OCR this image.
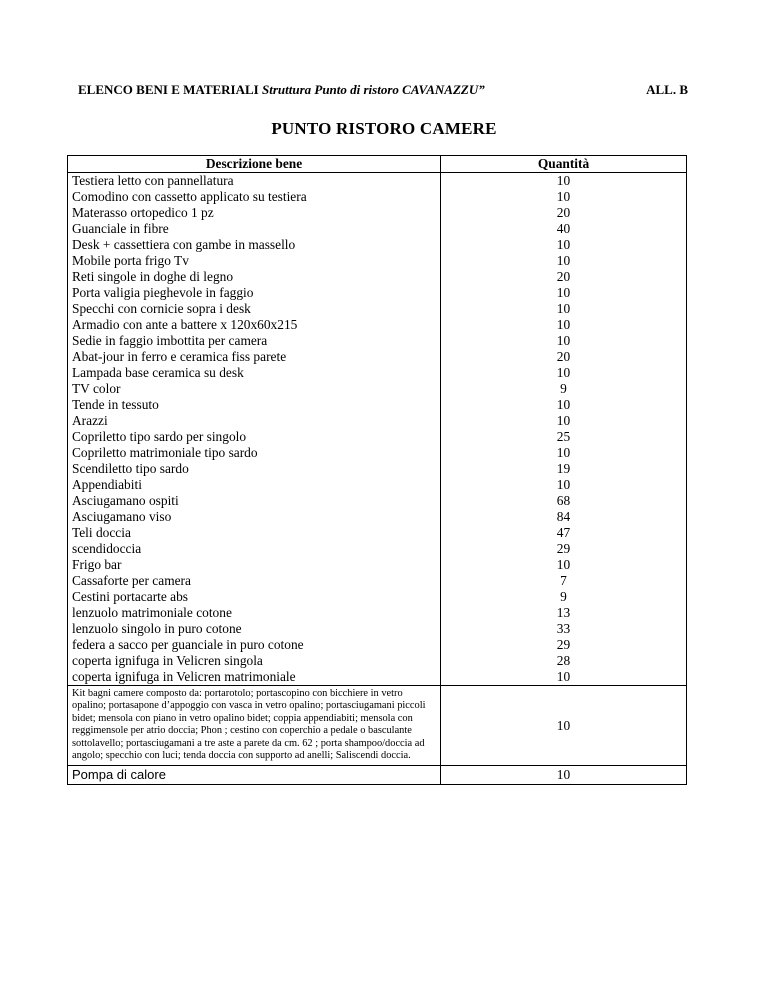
ELENCO BENI E MATERIALI Struttura Punto di ristoro CAVANAZZU”	ALL. B
PUNTO RISTORO CAMERE
Descrizione bene	Quantità
Testiera letto con pannellatura	10
Comodino con cassetto applicato su testiera	10
Materasso ortopedico 1 pz	20
Guanciale in fibre	40
Desk + cassettiera con gambe in massello	10
Mobile porta frigo Tv	10
Reti singole in doghe di legno	20
Porta valigia pieghevole in faggio	10
Specchi con cornicie sopra i desk	10
Armadio con ante a battere x 120x60x215	10
Sedie in faggio imbottita per camera	10
Abat-jour in ferro e ceramica fiss parete	20
Lampada base ceramica su desk	10
TV color	9
Tende in tessuto	10
Arazzi	10
Copriletto tipo sardo per singolo	25
Copriletto matrimoniale tipo sardo	10
Scendiletto tipo sardo	19
Appendiabiti	10
Asciugamano ospiti	68
Asciugamano viso	84
Teli doccia	47
scendidoccia	29
Frigo bar	10
Cassaforte per camera	7
Cestini portacarte abs	9
lenzuolo matrimoniale cotone	13
lenzuolo singolo in puro cotone	33
federa a sacco per guanciale in puro cotone	29
coperta ignifuga in Velicren singola	28
coperta ignifuga in Velicren matrimoniale	10
Kit bagni camere composto da: portarotolo; portascopino con bicchiere in vetro opalino; portasapone d’appoggio con vasca in vetro opalino; portasciugamani piccoli bidet; mensola con piano in vetro opalino bidet; coppia appendiabiti; mensola con reggimensole per atrio doccia; Phon ; cestino con coperchio a pedale o basculante sottolavello; portasciugamani a tre aste a parete da cm. 62 ; porta shampoo/doccia ad angolo; specchio con luci; tenda doccia con supporto ad anelli; Saliscendi doccia.	10
Pompa di calore	10
